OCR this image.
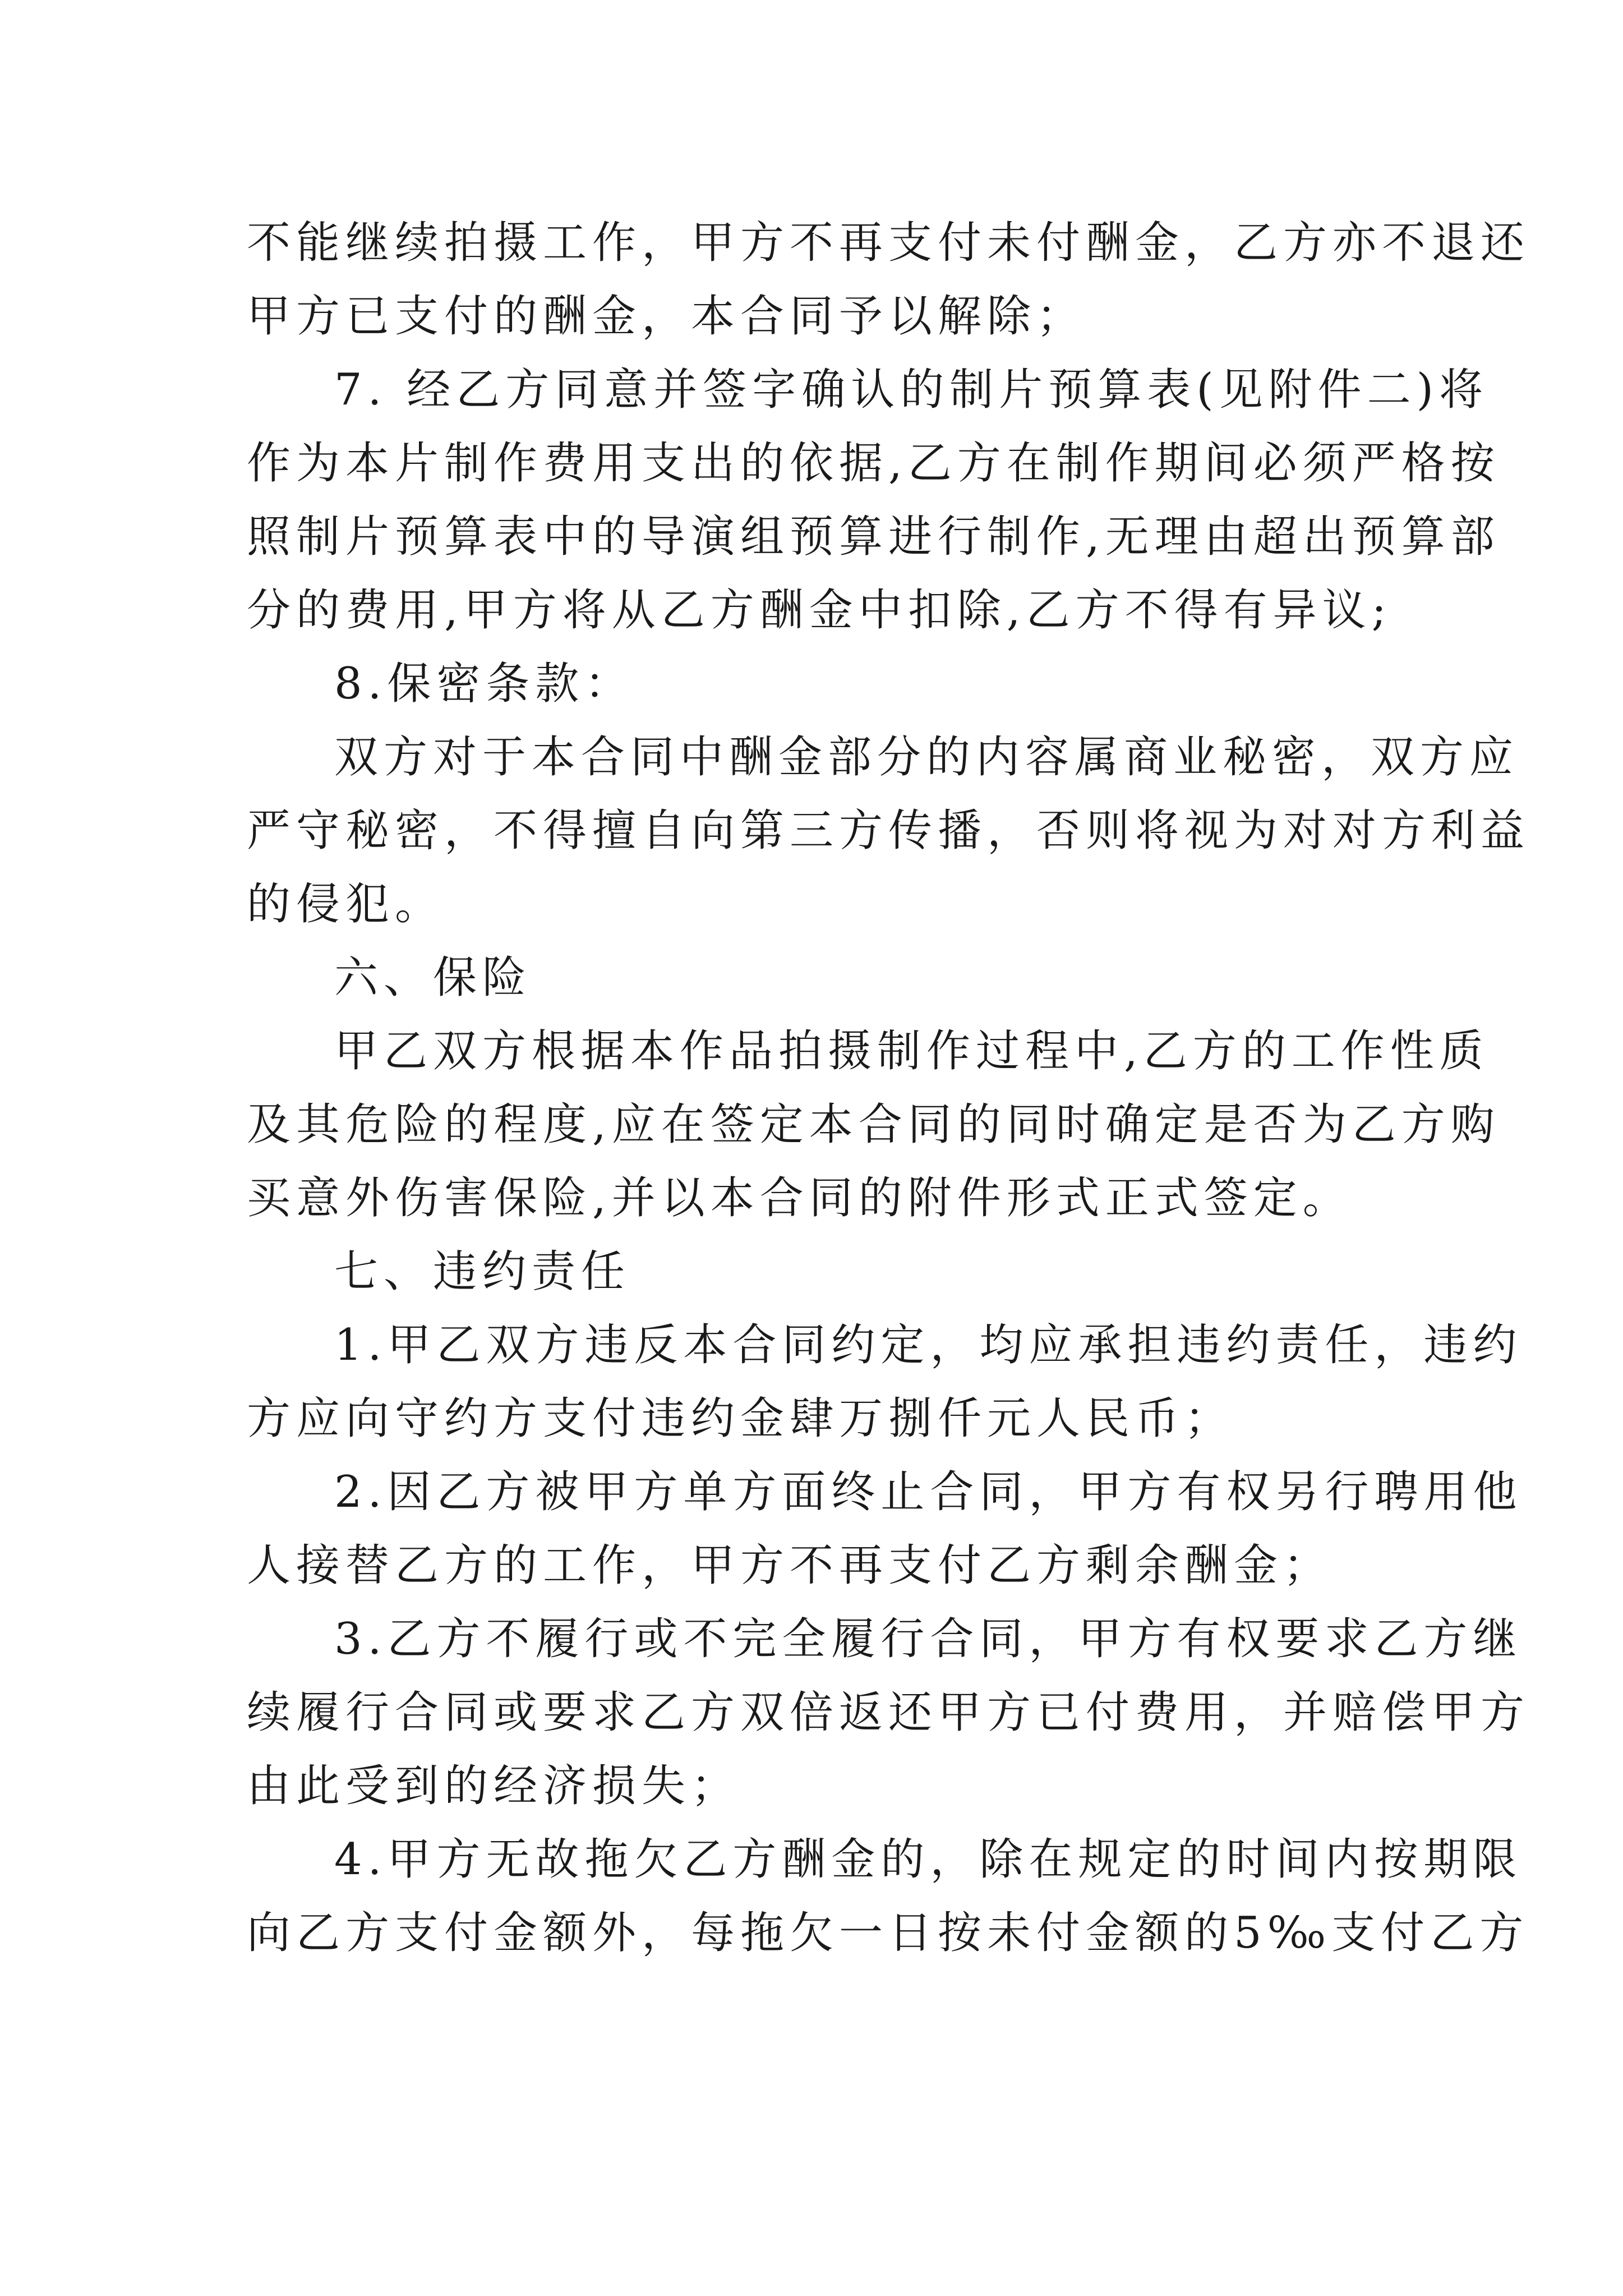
不能继续拍摄工作，甲方不再支付未付酬金，乙方亦不退还
甲方已支付的酬金，本合同予以解除；
7. 经乙方同意并签字确认的制片预算表(见附件二)将
作为本片制作费用支出的依据,乙方在制作期间必须严格按
照制片预算表中的导演组预算进行制作,无理由超出预算部
分的费用,甲方将从乙方酬金中扣除,乙方不得有异议;
8.保密条款：
双方对于本合同中酬金部分的内容属商业秘密，双方应
严守秘密，不得擅自向第三方传播，否则将视为对对方利益
的侵犯。
六、保险
甲乙双方根据本作品拍摄制作过程中,乙方的工作性质
及其危险的程度,应在签定本合同的同时确定是否为乙方购
买意外伤害保险,并以本合同的附件形式正式签定。
七、违约责任
1.甲乙双方违反本合同约定，均应承担违约责任，违约
方应向守约方支付违约金肆万捌仟元人民币；
2.因乙方被甲方单方面终止合同，甲方有权另行聘用他
人接替乙方的工作，甲方不再支付乙方剩余酬金；
3.乙方不履行或不完全履行合同，甲方有权要求乙方继
续履行合同或要求乙方双倍返还甲方已付费用，并赔偿甲方
由此受到的经济损失；
4.甲方无故拖欠乙方酬金的，除在规定的时间内按期限
向乙方支付金额外，每拖欠一日按未付金额的5‰支付乙方
